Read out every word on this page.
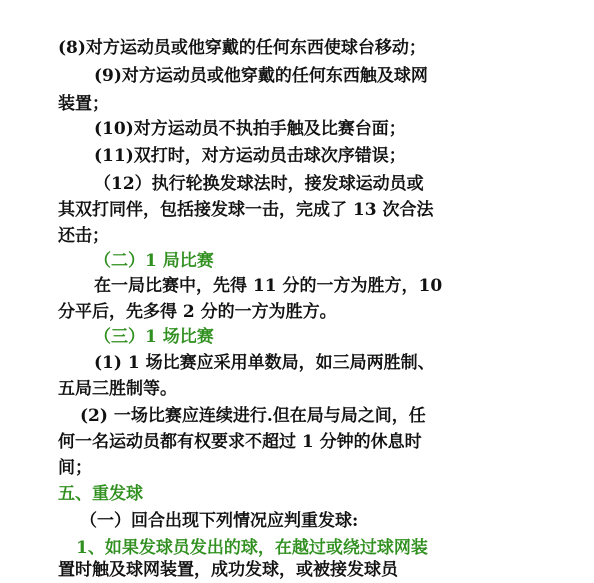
(8)对方运动员或他穿戴的任何东西使球台移动；
(9)对方运动员或他穿戴的任何东西触及球网
装置；
(10)对方运动员不执拍手触及比赛台面；
(11)双打时，对方运动员击球次序错误；
（12）执行轮换发球法时，接发球运动员或
其双打同伴，包括接发球一击，完成了 13 次合法
还击；
（二）1 局比赛
在一局比赛中，先得 11 分的一方为胜方，10
分平后，先多得 2 分的一方为胜方。
（三）1 场比赛
(1) 1 场比赛应采用单数局，如三局两胜制、
五局三胜制等。
(2) 一场比赛应连续进行.但在局与局之间，任
何一名运动员都有权要求不超过 1 分钟的休息时
间；
五、重发球
（一）回合出现下列情况应判重发球:
1、如果发球员发出的球，在越过或绕过球网装
置时触及球网装置，成功发球，或被接发球员
